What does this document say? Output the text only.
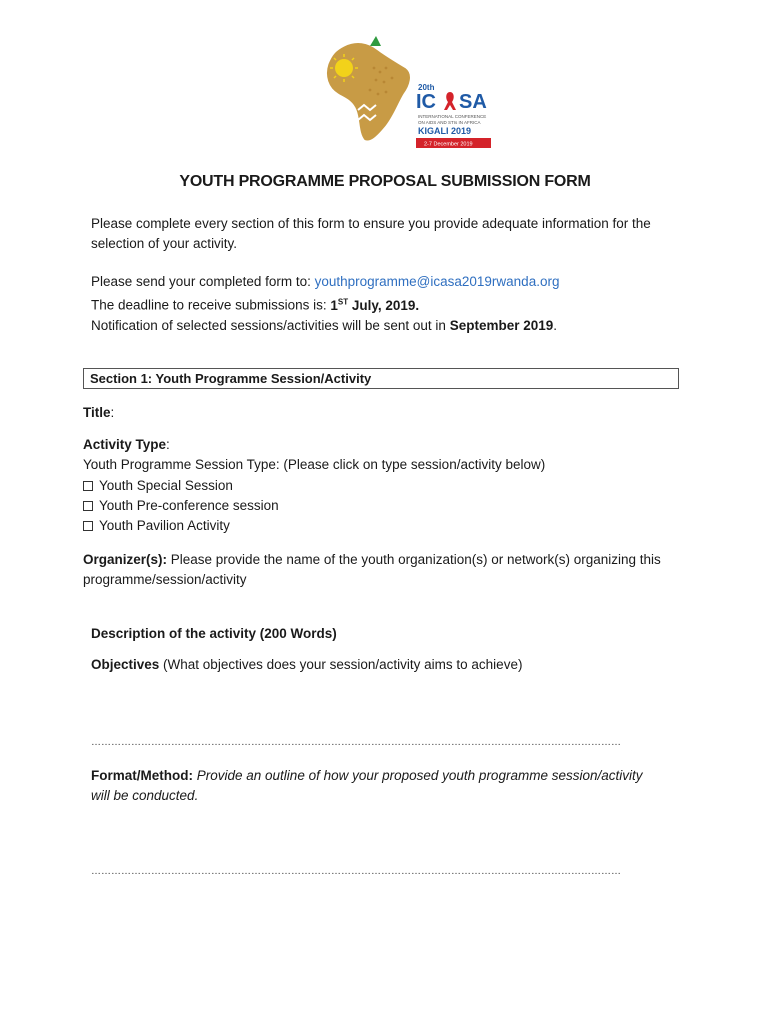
20th
IC SA
INTERNATIONAL CONFERENCE
ON AIDS AND STIs IN AFRICA
KIGALI 2019
2-7 December 2019
YOUTH PROGRAMME PROPOSAL SUBMISSION FORM
Please complete every section of this form to ensure you provide adequate information for the
selection of your activity.
Please send your completed form to: youthprogramme@icasa2019rwanda.org
The deadline to receive submissions is: 1ST July, 2019.
Notification of selected sessions/activities will be sent out in September 2019.
Section 1: Youth Programme Session/Activity
Title:
Activity Type:
Youth Programme Session Type: (Please click on type session/activity below)
Youth Special Session
Youth Pre-conference session
Youth Pavilion Activity
Organizer(s): Please provide the name of the youth organization(s) or network(s) organizing this
programme/session/activity
Description of the activity (200 Words)
Objectives (What objectives does your session/activity aims to achieve)
……………………………………………………………………………………………………………………………………………
Format/Method: Provide an outline of how your proposed youth programme session/activity
will be conducted.
……………………………………………………………………………………………………………………………………………
